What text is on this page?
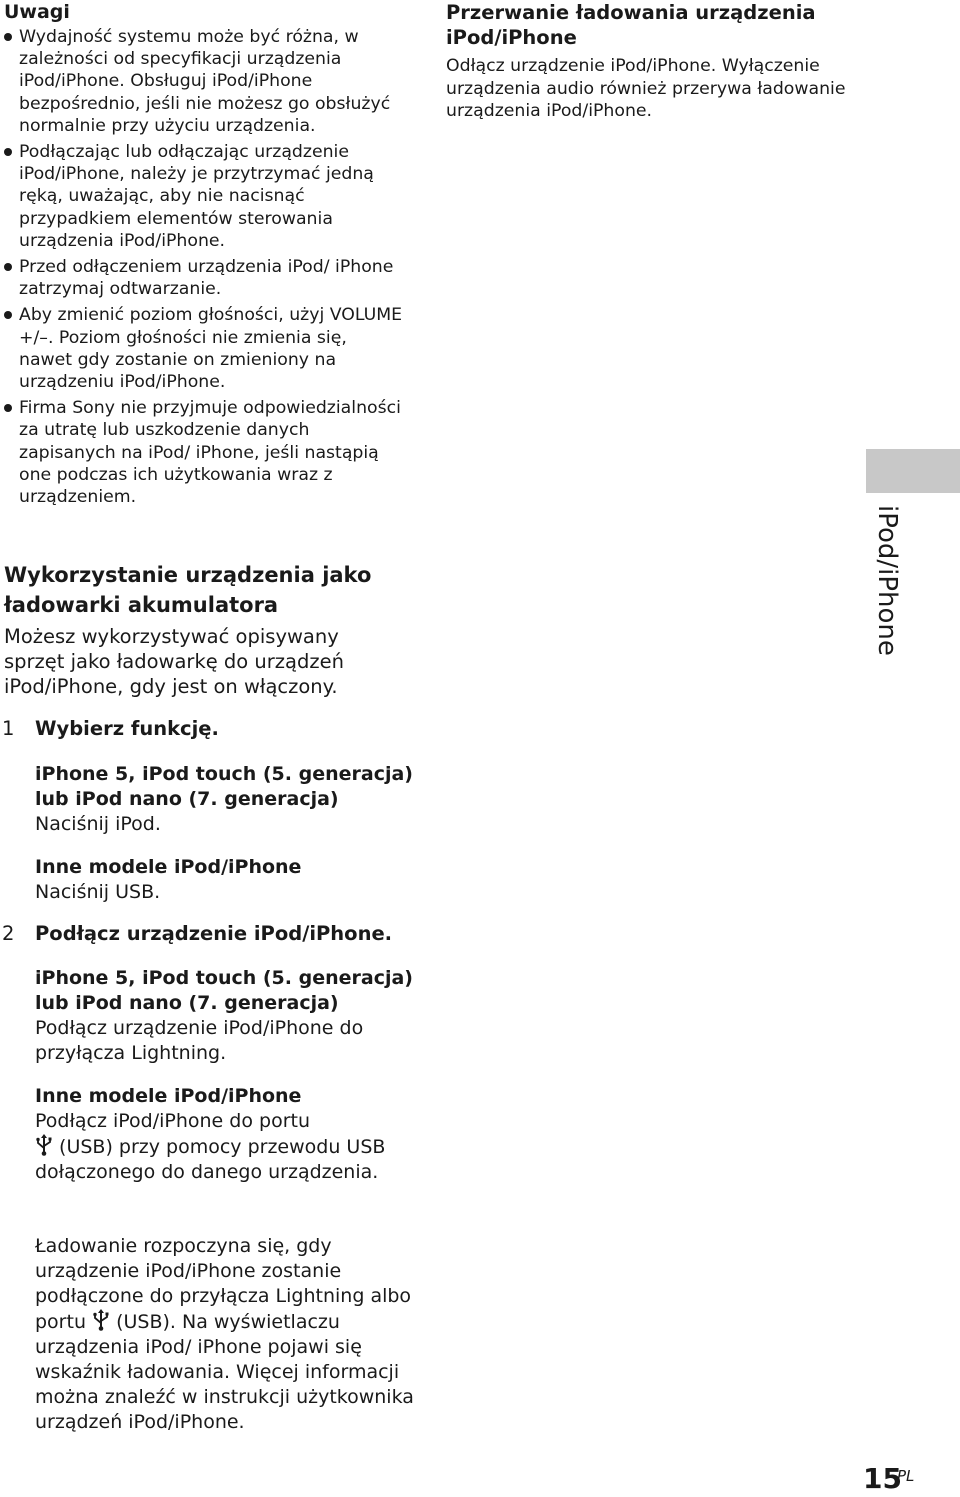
Uwagi
Wydajność systemu może być różna, w zależności od specyfikacji urządzenia iPod/iPhone. Obsługuj iPod/iPhone bezpośrednio, jeśli nie możesz go obsłużyć normalnie przy użyciu urządzenia.
Podłączając lub odłączając urządzenie iPod/iPhone, należy je przytrzymać jedną ręką, uważając, aby nie nacisnąć przypadkiem elementów sterowania urządzenia iPod/iPhone.
Przed odłączeniem urządzenia iPod/ iPhone zatrzymaj odtwarzanie.
Aby zmienić poziom głośności, użyj VOLUME +/–. Poziom głośności nie zmienia się, nawet gdy zostanie on zmieniony na urządzeniu iPod/iPhone.
Firma Sony nie przyjmuje odpowiedzialności za utratę lub uszkodzenie danych zapisanych na iPod/ iPhone, jeśli nastąpią one podczas ich użytkowania wraz z urządzeniem.
Wykorzystanie urządzenia jako ładowarki akumulatora

Możesz wykorzystywać opisywany sprzęt jako ładowarkę do urządzeń iPod/iPhone, gdy jest on włączony.

1 Wybierz funkcję.
iPhone 5, iPod touch (5. generacja) lub iPod nano (7. generacja)
Naciśnij iPod.
Inne modele iPod/iPhone
Naciśnij USB.
2 Podłącz urządzenie iPod/iPhone.
iPhone 5, iPod touch (5. generacja) lub iPod nano (7. generacja)
Podłącz urządzenie iPod/iPhone do przyłącza Lightning.
Inne modele iPod/iPhone
Podłącz iPod/iPhone do portu
(USB) przy pomocy przewodu USB dołączonego do danego urządzenia.
Ładowanie rozpoczyna się, gdy urządzenie iPod/iPhone zostanie podłączone do przyłącza Lightning albo portu (USB). Na wyświetlaczu urządzenia iPod/ iPhone pojawi się wskaźnik ładowania. Więcej informacji można znaleźć w instrukcji użytkownika urządzeń iPod/iPhone.
Przerwanie ładowania urządzenia iPod/iPhone

Odłącz urządzenie iPod/iPhone. Wyłączenie urządzenia audio również przerywa ładowanie urządzenia iPod/iPhone.

iPod/iPhone
15
PL
